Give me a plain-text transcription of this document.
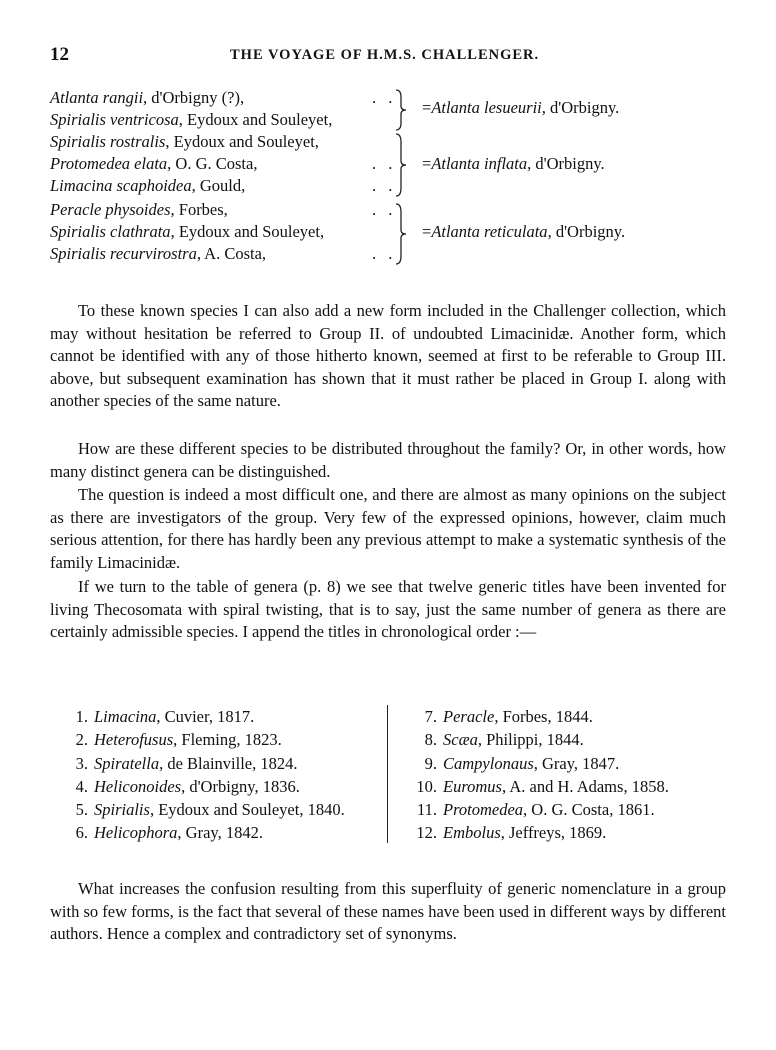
12	THE VOYAGE OF H.M.S. CHALLENGER.
Atlanta rangii, d'Orbigny (?),	. .
Spirialis ventricosa, Eydoux and Souleyet,
=Atlanta lesueurii, d'Orbigny.
Spirialis rostralis, Eydoux and Souleyet,
Protomedea elata, O. G. Costa,	. .
Limacina scaphoidea, Gould,	. .
=Atlanta inflata, d'Orbigny.
Peracle physoides, Forbes,	. .
Spirialis clathrata, Eydoux and Souleyet,
Spirialis recurvirostra, A. Costa,	. .
=Atlanta reticulata, d'Orbigny.

To these known species I can also add a new form included in the Challenger collection, which may without hesitation be referred to Group II. of undoubted Limacinidæ. Another form, which cannot be identified with any of those hitherto known, seemed at first to be referable to Group III. above, but subsequent examination has shown that it must rather be placed in Group I. along with another species of the same nature.

How are these different species to be distributed throughout the family? Or, in other words, how many distinct genera can be distinguished.

The question is indeed a most difficult one, and there are almost as many opinions on the subject as there are investigators of the group. Very few of the expressed opinions, however, claim much serious attention, for there has hardly been any previous attempt to make a systematic synthesis of the family Limacinidæ.

If we turn to the table of genera (p. 8) we see that twelve generic titles have been invented for living Thecosomata with spiral twisting, that is to say, just the same number of genera as there are certainly admissible species. I append the titles in chronological order :—

1. Limacina, Cuvier, 1817.
2. Heterofusus, Fleming, 1823.
3. Spiratella, de Blainville, 1824.
4. Heliconoides, d'Orbigny, 1836.
5. Spirialis, Eydoux and Souleyet, 1840.
6. Helicophora, Gray, 1842.
7. Peracle, Forbes, 1844.
8. Scæa, Philippi, 1844.
9. Campylonaus, Gray, 1847.
10. Euromus, A. and H. Adams, 1858.
11. Protomedea, O. G. Costa, 1861.
12. Embolus, Jeffreys, 1869.

What increases the confusion resulting from this superfluity of generic nomenclature in a group with so few forms, is the fact that several of these names have been used in different ways by different authors. Hence a complex and contradictory set of synonyms.
